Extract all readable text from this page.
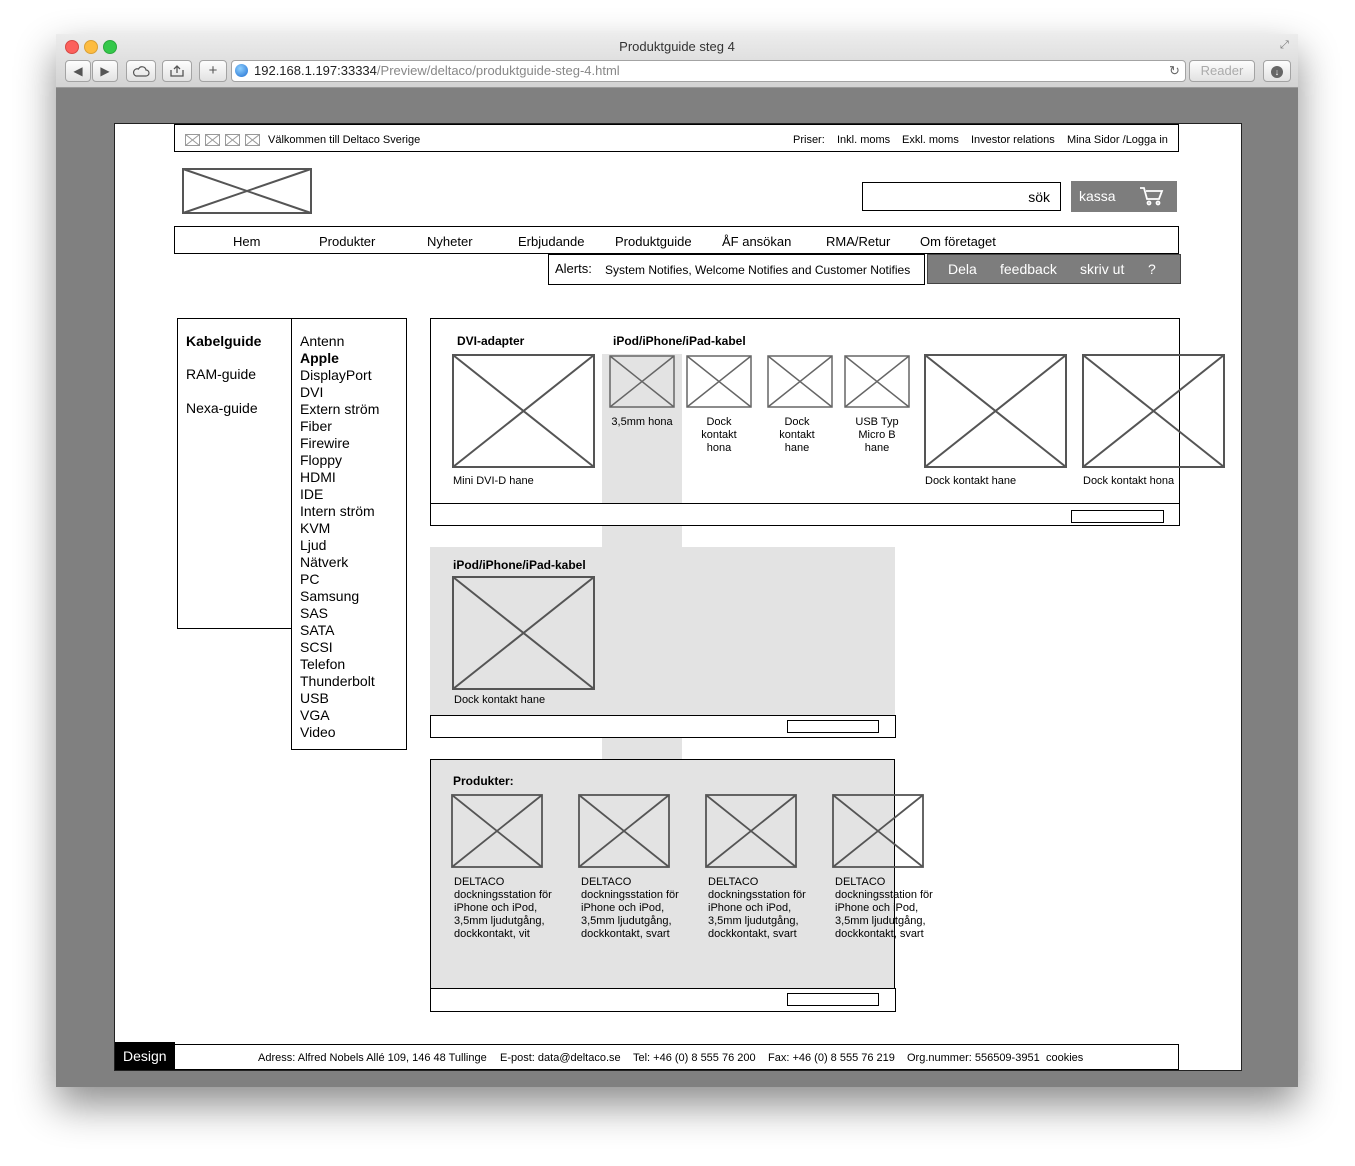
Produktguide steg 4	⤢
◀	▶	+	192.168.1.197:33334/Preview/deltaco/produktguide-steg-4.html	↻	Reader	↓
Välkommen till Deltaco Sverige	Priser: Inkl. moms Exkl. moms Investor relations Mina Sidor /Logga in
sök kassa
Hem	Produkter	Nyheter	Erbjudande Produktguide ÅF ansökan	RMA/Retur Om företaget
Alerts: System Notifies, Welcome Notifies and Customer Notifies	Dela feedback skriv ut ?
Kabelguide
RAM-guide
Nexa-guide
Antenn
Apple
DisplayPort
DVI
Extern ström
Fiber
Firewire
Floppy
HDMI
IDE
Intern ström
KVM
Ljud
Nätverk
PC
Samsung
SAS
SATA
SCSI
Telefon
Thunderbolt
USB
VGA
Video
DVI-adapter	iPod/iPhone/iPad-kabel
Mini DVI-D hane
3,5mm hona	Dock kontakt hona
Dock kontakt hane
USB Typ Micro B hane
Dock kontakt hane	Dock kontakt hona
iPod/iPhone/iPad-kabel
Dock kontakt hane
Produkter:
DELTACO dockningsstation för iPhone och iPod, 3,5mm ljudutgång, dockkontakt, vit
DELTACO dockningsstation för iPhone och iPod, 3,5mm ljudutgång, dockkontakt, svart
DELTACO dockningsstation för iPhone och iPod, 3,5mm ljudutgång, dockkontakt, svart
DELTACO dockningsstation för iPhone och iPod, 3,5mm ljudutgång, dockkontakt, svart
Design	Adress: Alfred Nobels Allé 109, 146 48 Tullinge E-post: data@deltaco.se Tel: +46 (0) 8 555 76 200 Fax: +46 (0) 8 555 76 219 Org.nummer: 556509-3951 cookies
